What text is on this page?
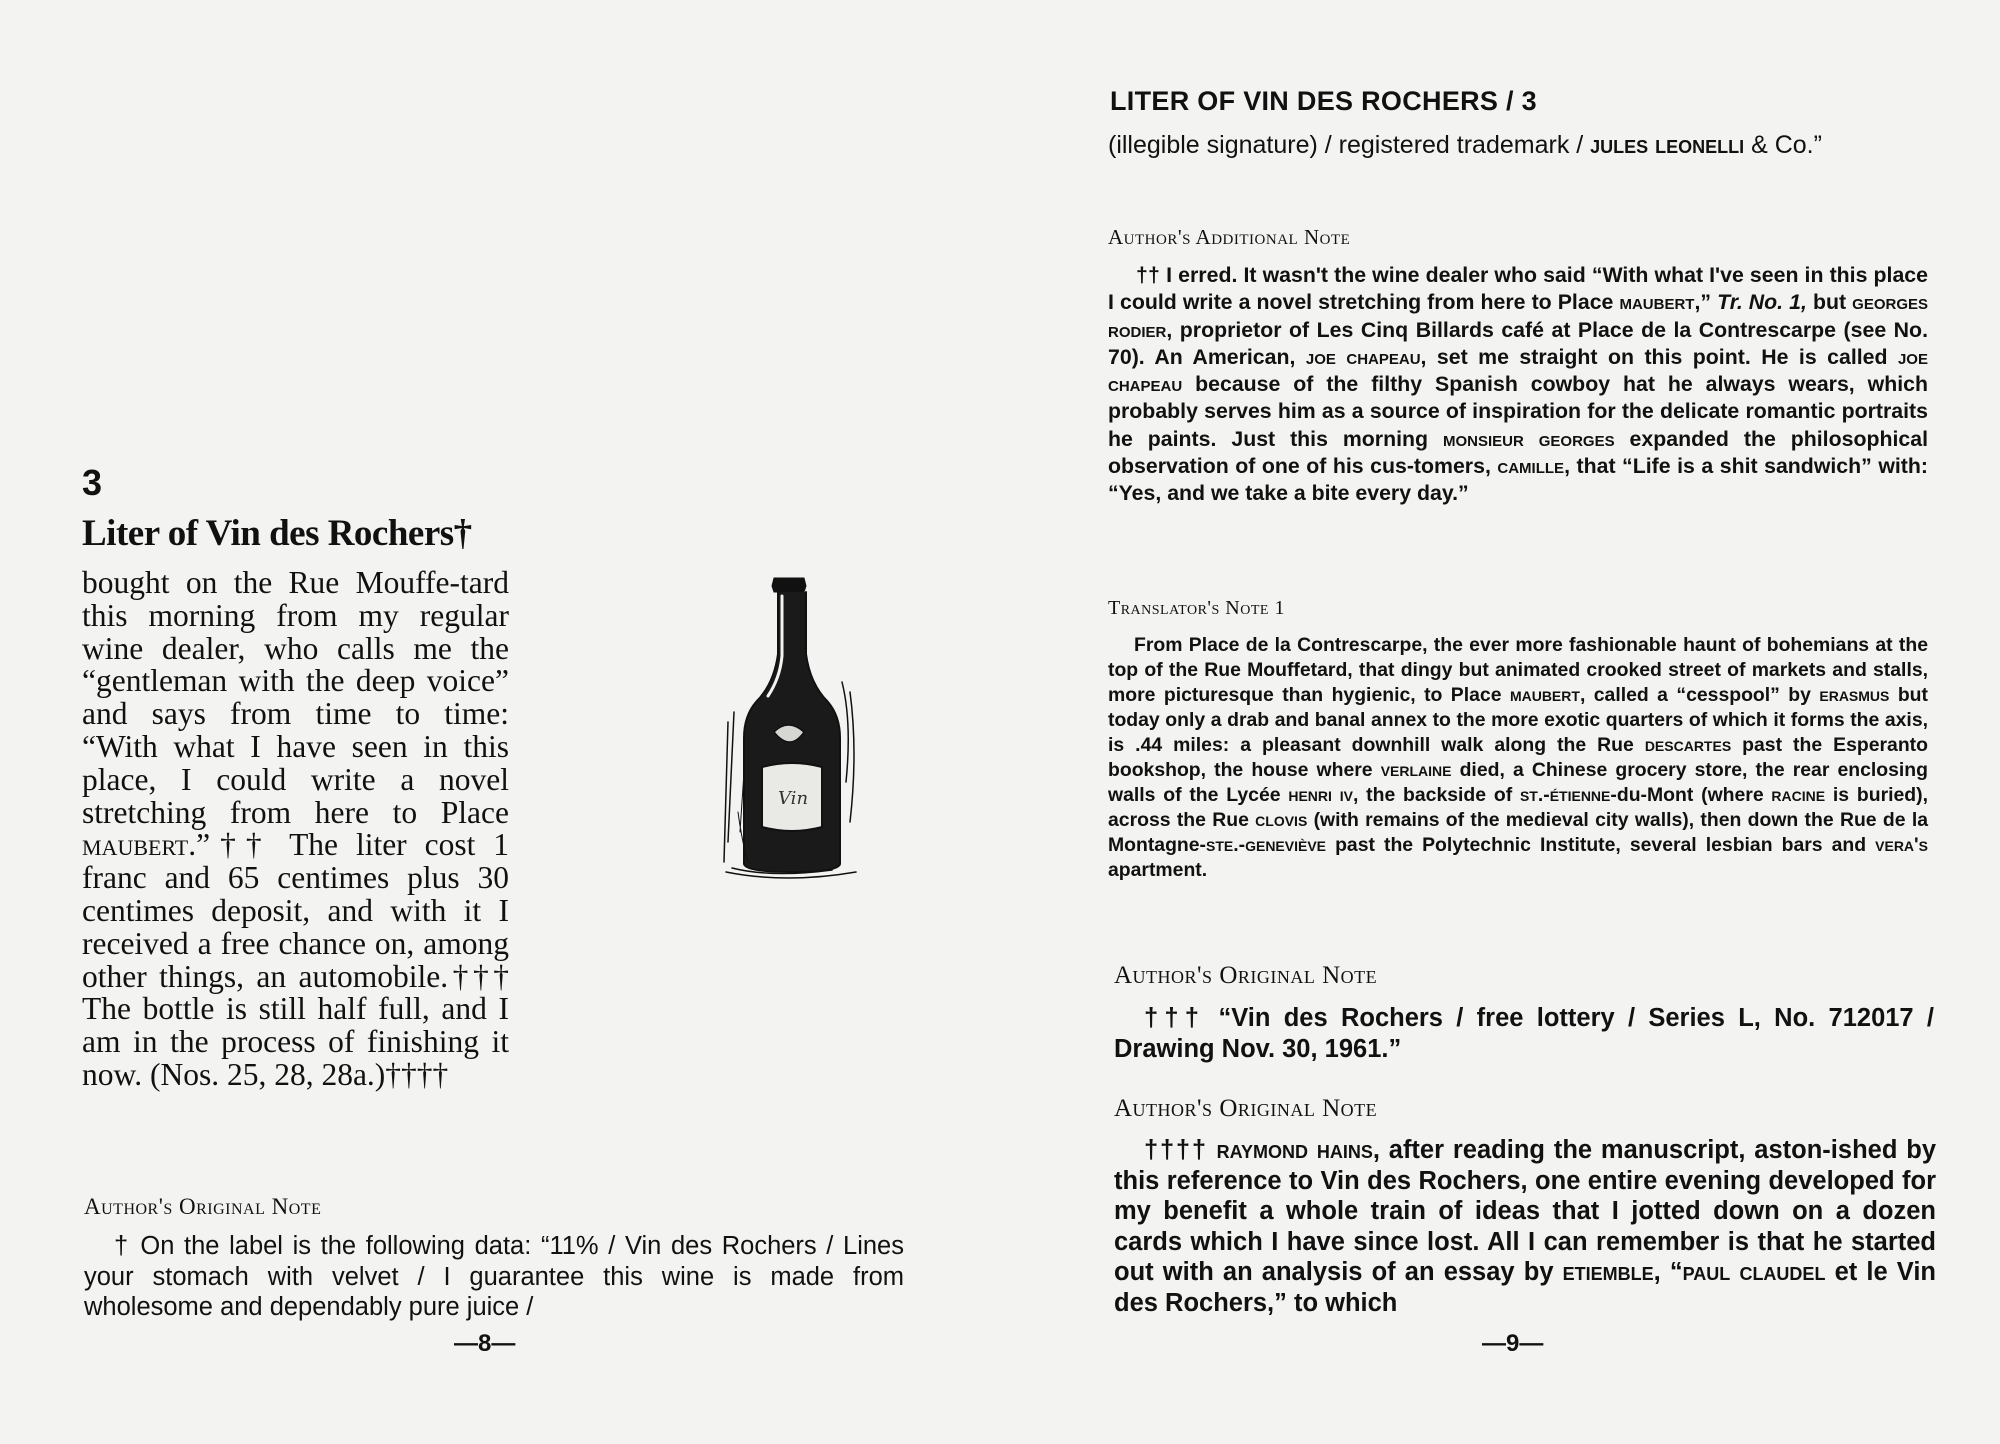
3
Liter of Vin des Rochers†
bought on the Rue Mouffe-tard this morning from my regular wine dealer, who calls me the “gentleman with the deep voice” and says from time to time: “With what I have seen in this place, I could write a novel stretching from here to Place maubert.”†† The liter cost 1 franc and 65 centimes plus 30 centimes deposit, and with it I received a free chance on, among other things, an automobile.††† The bottle is still half full, and I am in the process of finishing it now. (Nos. 25, 28, 28a.)††††
Vin
Author's Original Note
† On the label is the following data: “11% / Vin des Rochers / Lines your stomach with velvet / I guarantee this wine is made from wholesome and dependably pure juice /
—8—
LITER OF VIN DES ROCHERS / 3
(illegible signature) / registered trademark / jules leonelli & Co.”
Author's Additional Note
†† I erred. It wasn't the wine dealer who said “With what I've seen in this place I could write a novel stretching from here to Place maubert,” Tr. No. 1, but georges rodier, proprietor of Les Cinq Billards café at Place de la Contrescarpe (see No. 70). An American, joe chapeau, set me straight on this point. He is called joe chapeau because of the filthy Spanish cowboy hat he always wears, which probably serves him as a source of inspiration for the delicate romantic portraits he paints. Just this morning monsieur georges expanded the philosophical observation of one of his cus-tomers, camille, that “Life is a shit sandwich” with: “Yes, and we take a bite every day.”
Translator's Note 1
From Place de la Contrescarpe, the ever more fashionable haunt of bohemians at the top of the Rue Mouffetard, that dingy but animated crooked street of markets and stalls, more picturesque than hygienic, to Place maubert, called a “cesspool” by erasmus but today only a drab and banal annex to the more exotic quarters of which it forms the axis, is .44 miles: a pleasant downhill walk along the Rue descartes past the Esperanto bookshop, the house where verlaine died, a Chinese grocery store, the rear enclosing walls of the Lycée henri iv, the backside of st.-étienne-du-Mont (where racine is buried), across the Rue clovis (with remains of the medieval city walls), then down the Rue de la Montagne-ste.-geneviève past the Polytechnic Institute, several lesbian bars and vera's apartment.
Author's Original Note
††† “Vin des Rochers / free lottery / Series L, No. 712017 / Drawing Nov. 30, 1961.”
Author's Original Note
†††† raymond hains, after reading the manuscript, aston-ished by this reference to Vin des Rochers, one entire evening developed for my benefit a whole train of ideas that I jotted down on a dozen cards which I have since lost. All I can remember is that he started out with an analysis of an essay by etiemble, “paul claudel et le Vin des Rochers,” to which
—9—
